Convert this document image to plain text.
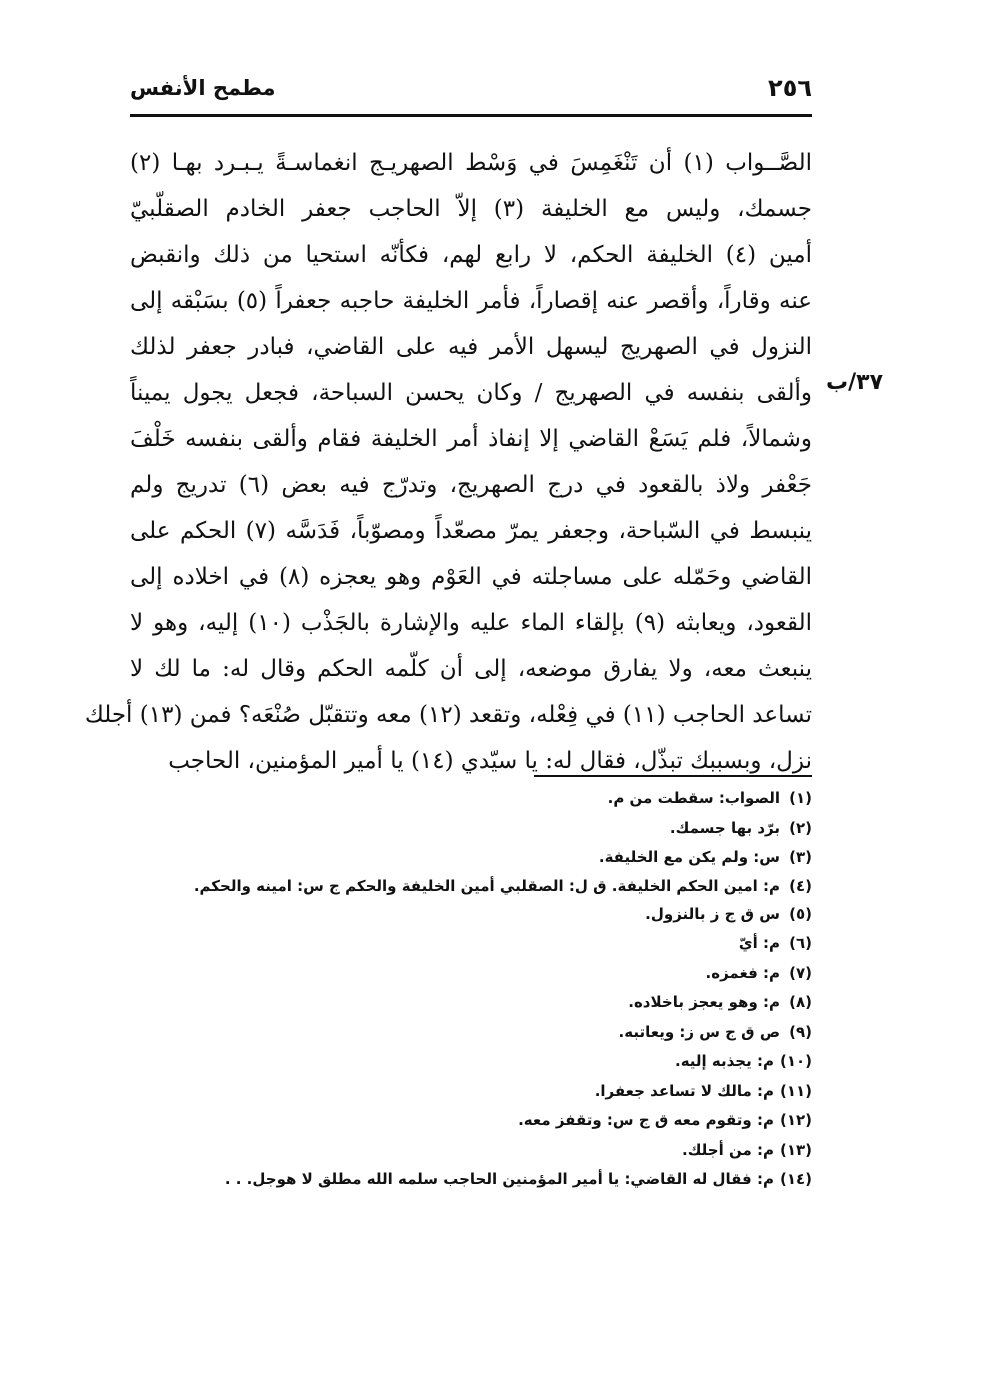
٢٥٦
مطمح الأنفس
٣٧/ب
الصَّــواب (١) أن تَنْغَمِسَ في وَسْط الصهريـج انغماسـةً يـبـرد بهـا (٢)
جسمك، وليس مع الخليفة (٣) إلاّ الحاجب جعفر الخادم الصقلّبيّ
أمين (٤) الخليفة الحكم، لا رابع لهم، فكأنّه استحيا من ذلك وانقبض
عنه وقاراً، وأقصر عنه إقصاراً، فأمر الخليفة حاجبه جعفراً (٥) بسَبْقه إلى
النزول في الصهريج ليسهل الأمر فيه على القاضي، فبادر جعفر لذلك
وألقى بنفسه في الصهريج / وكان يحسن السباحة، فجعل يجول يميناً
وشمالاً، فلم يَسَعْ القاضي إلا إنفاذ أمر الخليفة فقام وألقى بنفسه خَلْفَ
جَعْفر ولاذ بالقعود في درج الصهريج، وتدرّج فيه بعض (٦) تدريج ولم
ينبسط في السّباحة، وجعفر يمرّ مصعّداً ومصوّباً، فَدَسَّه (٧) الحكم على
القاضي وحَمّله على مساجلته في العَوْم وهو يعجزه (٨) في اخلاده إلى
القعود، ويعابثه (٩) بإلقاء الماء عليه والإشارة بالجَذْب (١٠) إليه، وهو لا
ينبعث معه، ولا يفارق موضعه، إلى أن كلّمه الحكم وقال له: ما لك لا
تساعد الحاجب (١١) في فِعْله، وتقعد (١٢) معه وتتقبّل صُنْعَه؟ فمن (١٣) أجلك
نزل، وبسببك تبذّل، فقال له: يا سيّدي (١٤) يا أمير المؤمنين، الحاجب
(١)الصواب: سقطت من م.
(٢)برّد بها جسمك.
(٣)س: ولم يكن مع الخليفة.
(٤)م: امين الحكم الخليفة. ق ل: الصقلبي أمين الخليفة والحكم ج س: امينه والحكم.
(٥)س ق ج ز بالنزول.
(٦)م: أيّ
(٧)م: فغمزه.
(٨)م: وهو يعجز باخلاده.
(٩)ص ق ج س ز: ويعاتبه.
(١٠)م: يجذبه إليه.
(١١)م: مالك لا تساعد جعفرا.
(١٢)م: وتقوم معه ق ج س: وتقفز معه.
(١٣)م: من أجلك.
(١٤)م: فقال له القاضي: يا أمير المؤمنين الحاجب سلمه الله مطلق لا هوجل. . .
